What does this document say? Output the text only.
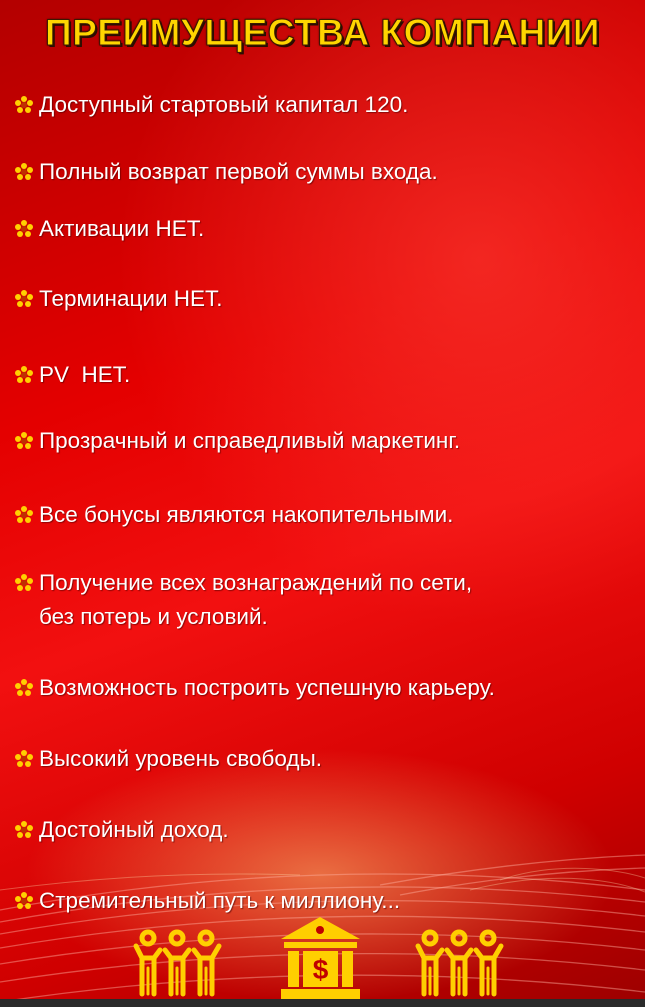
ПРЕИМУЩЕСТВА КОМПАНИИ
Доступный стартовый капитал 120.
Полный возврат первой суммы входа.
Активации НЕТ.
Терминации НЕТ.
PV  НЕТ.
Прозрачный и справедливый маркетинг.
Все бонусы являются накопительными.
Получение всех вознаграждений по сети,
без потерь и условий.
Возможность построить успешную карьеру.
Высокий уровень свободы.
Достойный доход.
Стремительный путь к миллиону...
$
